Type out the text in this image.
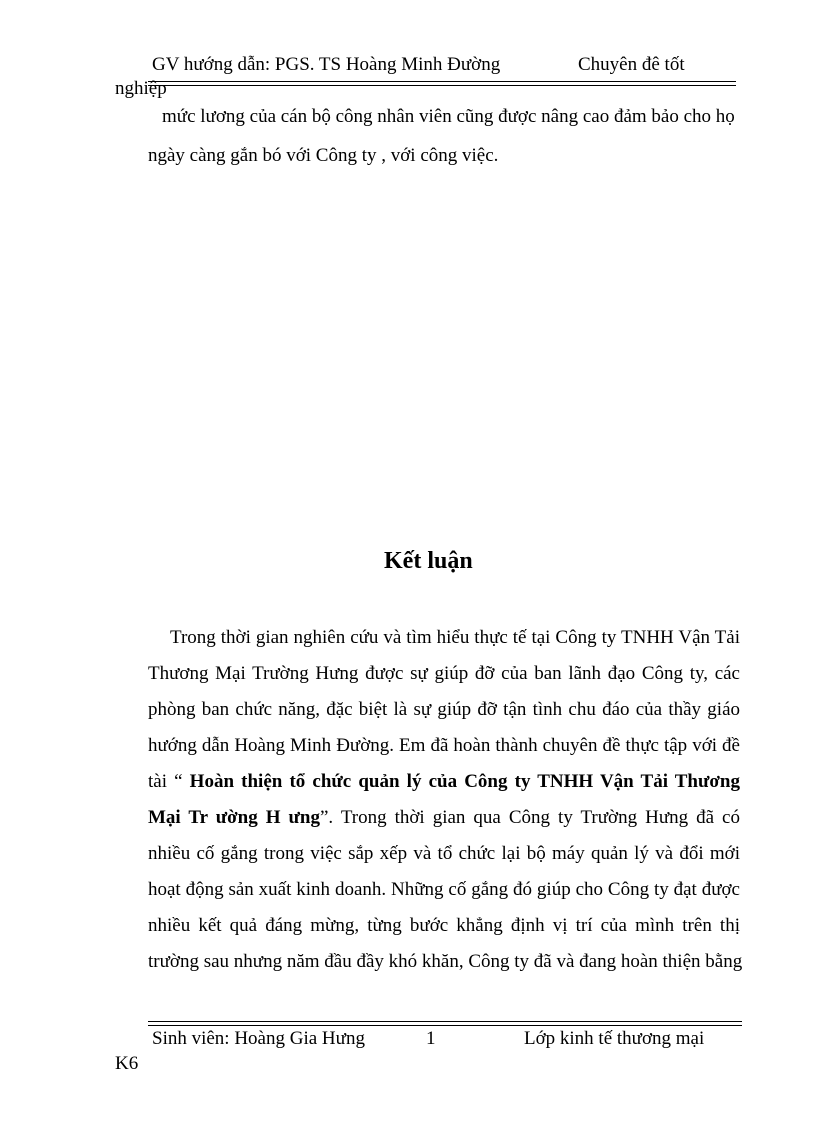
GV hướng dẫn: PGS. TS Hoàng Minh Đường	Chuyên đê tốt
nghiệp
mức lương của cán bộ công nhân viên cũng được nâng cao đảm bảo cho họ
ngày càng gắn bó với Công ty , với công việc.
Kết luận
Trong thời gian nghiên cứu và tìm hiểu thực tế tại Công ty TNHH Vận Tải
Thương Mại Trường Hưng được sự giúp đỡ của ban lãnh đạo Công ty, các
phòng ban chức năng, đặc biệt là sự giúp đỡ tận tình chu đáo của thầy giáo
hướng dẫn Hoàng Minh Đường. Em đã hoàn thành chuyên đề thực tập với đề
tài “ Hoàn thiện tổ chức quản lý của Công ty TNHH Vận Tải Thương
Mại Tr ường H ưng”. Trong thời gian qua Công ty Trường Hưng đã có
nhiều cố gắng trong việc sắp xếp và tổ chức lại bộ máy quản lý và đổi mới
hoạt động sản xuất kinh doanh. Những cố gắng đó giúp cho Công ty đạt được
nhiều kết quả đáng mừng, từng bước khẳng định vị trí của mình trên thị
trường sau nhưng năm đầu đầy khó khăn, Công ty đã và đang hoàn thiện bằng
Sinh viên: Hoàng Gia Hưng	1	Lớp kinh tế thương mại
K6
